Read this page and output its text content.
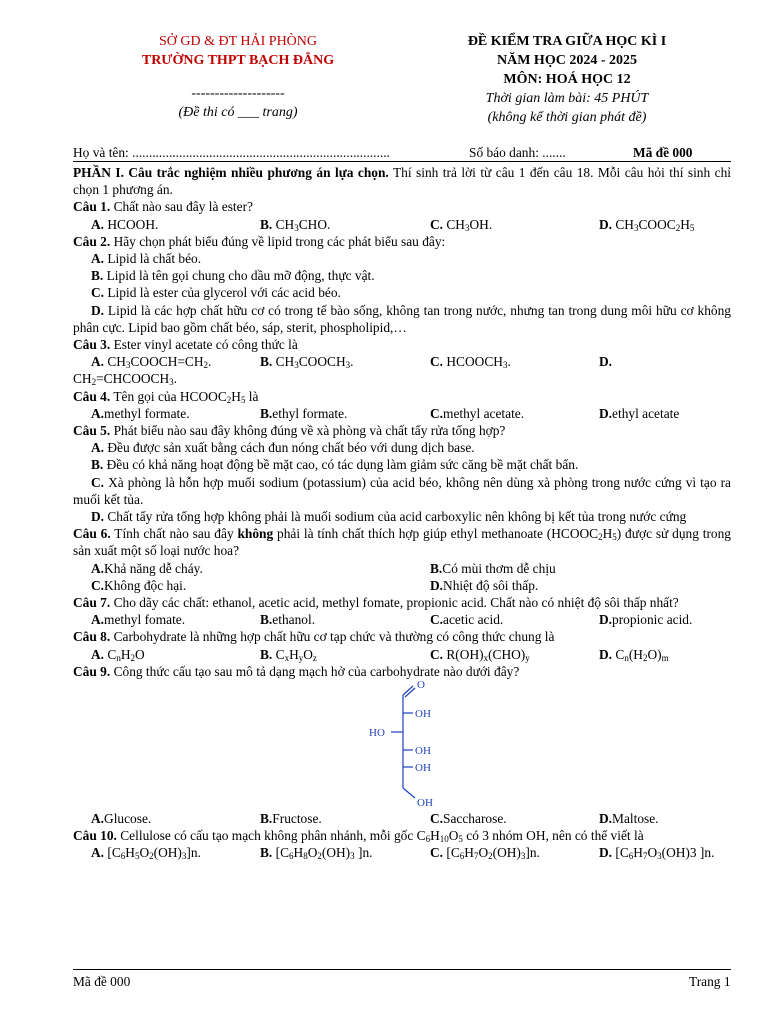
SỞ GD & ĐT HẢI PHÒNG
TRƯỜNG THPT BẠCH ĐẰNG
--------------------
(Đề thi có ___ trang)
ĐỀ KIỂM TRA GIỮA HỌC KÌ I
NĂM HỌC 2024 - 2025
MÔN: HOÁ HỌC 12
Thời gian làm bài: 45 PHÚT
(không kể thời gian phát đề)
Họ và tên: .............................................................................	Số báo danh: .......	Mã đề 000

PHẦN I. Câu trắc nghiệm nhiều phương án lựa chọn. Thí sinh trả lời từ câu 1 đến câu 18. Mỗi câu hỏi thí sinh chỉ chọn 1 phương án.

Câu 1. Chất nào sau đây là ester?

A. HCOOH.	B. $CH_3CHO$.	C. $CH_3OH$.	D. $CH_3COOC_2H_5$

Câu 2. Hãy chọn phát biểu đúng về lipid trong các phát biểu sau đây:

A. Lipid là chất béo.

B. Lipid là tên gọi chung cho dầu mỡ động, thực vật.

C. Lipid là ester của glycerol với các acid béo.

D. Lipid là các hợp chất hữu cơ có trong tế bào sống, không tan trong nước, nhưng tan trong dung môi hữu cơ không phân cực. Lipid bao gồm chất béo, sáp, sterit, phospholipid,…

Câu 3. Ester vinyl acetate có công thức là

A. $CH_3COOCH=CH_2$.	B. $CH_3COOCH_3$.	C. $HCOOCH_3$.	D.

$CH_2=CHCOOCH_3$.

Câu 4. Tên gọi của $HCOOC_2H_5$ là

A. methyl formate.	B. ethyl formate.	C. methyl acetate.	D. ethyl acetate

Câu 5. Phát biểu nào sau đây không đúng về xà phòng và chất tẩy rửa tổng hợp?

A. Đều được sản xuất bằng cách đun nóng chất béo với dung dịch base.

B. Đều có khả năng hoạt động bề mặt cao, có tác dụng làm giảm sức căng bề mặt chất bẩn.

C. Xà phòng là hỗn hợp muối sodium (potassium) của acid béo, không nên dùng xà phòng trong nước cứng vì tạo ra muối kết tủa.

D. Chất tẩy rửa tổng hợp không phải là muối sodium của acid carboxylic nên không bị kết tủa trong nước cứng

Câu 6. Tính chất nào sau đây không phải là tính chất thích hợp giúp ethyl methanoate $(HCOOC_2H_5)$ được sử dụng trong sản xuất một số loại nước hoa?

A. Khả năng dễ cháy.	B. Có mùi thơm dễ chịu
C. Không độc hại.	D. Nhiệt độ sôi thấp.

Câu 7. Cho dãy các chất: ethanol, acetic acid, methyl fomate, propionic acid. Chất nào có nhiệt độ sôi thấp nhất?

A. methyl fomate.	B. ethanol.	C. acetic acid.	D. propionic acid.

Câu 8. Carbohydrate là những hợp chất hữu cơ tạp chức và thường có công thức chung là

A. $C_nH_2O$	B. $C_xH_yO_z$	C. $R(OH)_x(CHO)_y$	D. $C_n(H_2O)_m$

Câu 9. Công thức cấu tạo sau mô tả dạng mạch hở của carbohydrate nào dưới đây?

O
OH
HO
OH
OH
OH
A. Glucose.	B. Fructose.	C. Saccharose.	D. Maltose.

Câu 10. Cellulose có cấu tạo mạch không phân nhánh, mỗi gốc $C_6H_{10}O_5$ có 3 nhóm OH, nên có thể viết là

A. $[C_6H_5O_2(OH)_3]n$.	B. [$C_6H_8O_2(OH)_3$ ]n.	C. $[C_6H_7O_2(OH)_3]n$.	D. [$C_6H_7O_3(OH)3$ ]n.
Mã đề 000	Trang 1
